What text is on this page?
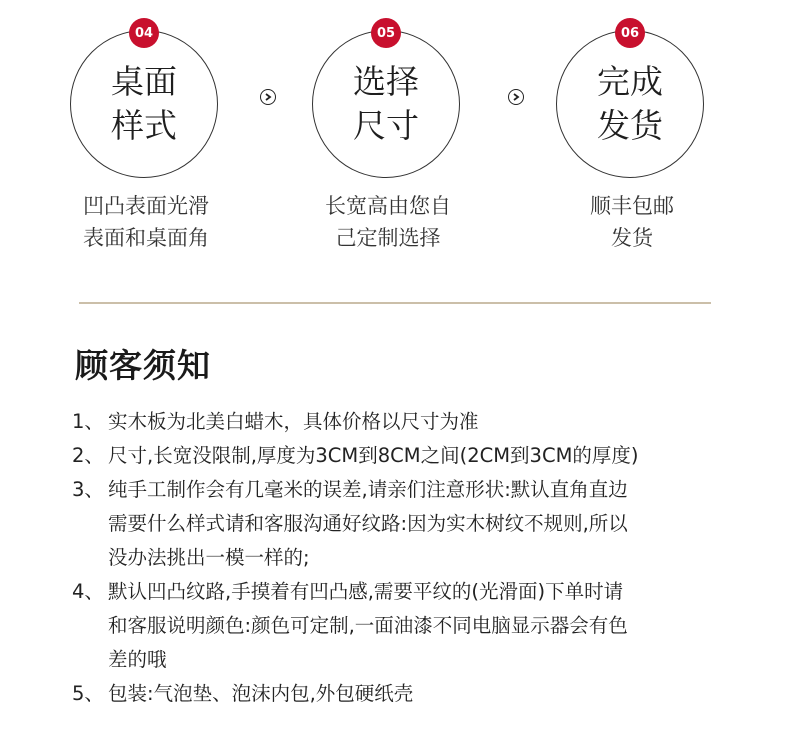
04
桌面
样式
凹凸表面光滑
表面和桌面角
05
选择
尺寸
长宽高由您自
己定制选择
06
完成
发货
顺丰包邮
发货
顾客须知
1、 实木板为北美白蜡木，具体价格以尺寸为准
2、 尺寸,长宽没限制,厚度为3CM到8CM之间(2CM到3CM的厚度)
3、 纯手工制作会有几毫米的误差,请亲们注意形状:默认直角直边
需要什么样式请和客服沟通好纹路:因为实木树纹不规则,所以
没办法挑出一模一样的;
4、 默认凹凸纹路,手摸着有凹凸感,需要平纹的(光滑面)下单时请
和客服说明颜色:颜色可定制,一面油漆不同电脑显示器会有色
差的哦
5、 包装:气泡垫、泡沫内包,外包硬纸壳
